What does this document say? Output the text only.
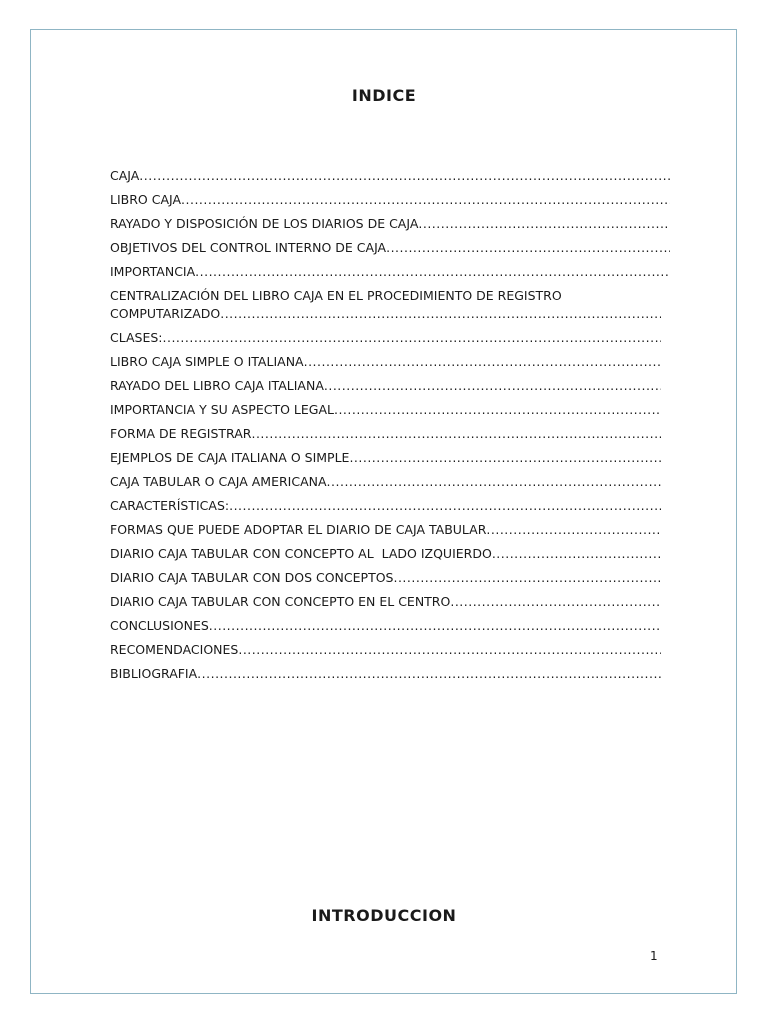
INDICE
CAJA
.....
LIBRO CAJA
.....
RAYADO Y DISPOSICIÓN DE LOS DIARIOS DE CAJA
.....
OBJETIVOS DEL CONTROL INTERNO DE CAJA
.....
IMPORTANCIA
.....
CENTRALIZACIÓN DEL LIBRO CAJA EN EL PROCEDIMIENTO DE REGISTRO
COMPUTARIZADO
.....
CLASES:
.....
LIBRO CAJA SIMPLE O ITALIANA
.....
RAYADO DEL LIBRO CAJA ITALIANA
.....
IMPORTANCIA Y SU ASPECTO LEGAL
.....
FORMA DE REGISTRAR
.....
EJEMPLOS DE CAJA ITALIANA O SIMPLE
.....
CAJA TABULAR O CAJA AMERICANA
.....
CARACTERÍSTICAS:
.....
FORMAS QUE PUEDE ADOPTAR EL DIARIO DE CAJA TABULAR
.....
DIARIO CAJA TABULAR CON CONCEPTO AL  LADO IZQUIERDO
.....
DIARIO CAJA TABULAR CON DOS CONCEPTOS
.....
DIARIO CAJA TABULAR CON CONCEPTO EN EL CENTRO
.....
CONCLUSIONES
.....
RECOMENDACIONES
.....
BIBLIOGRAFIA
.....
INTRODUCCION
1
